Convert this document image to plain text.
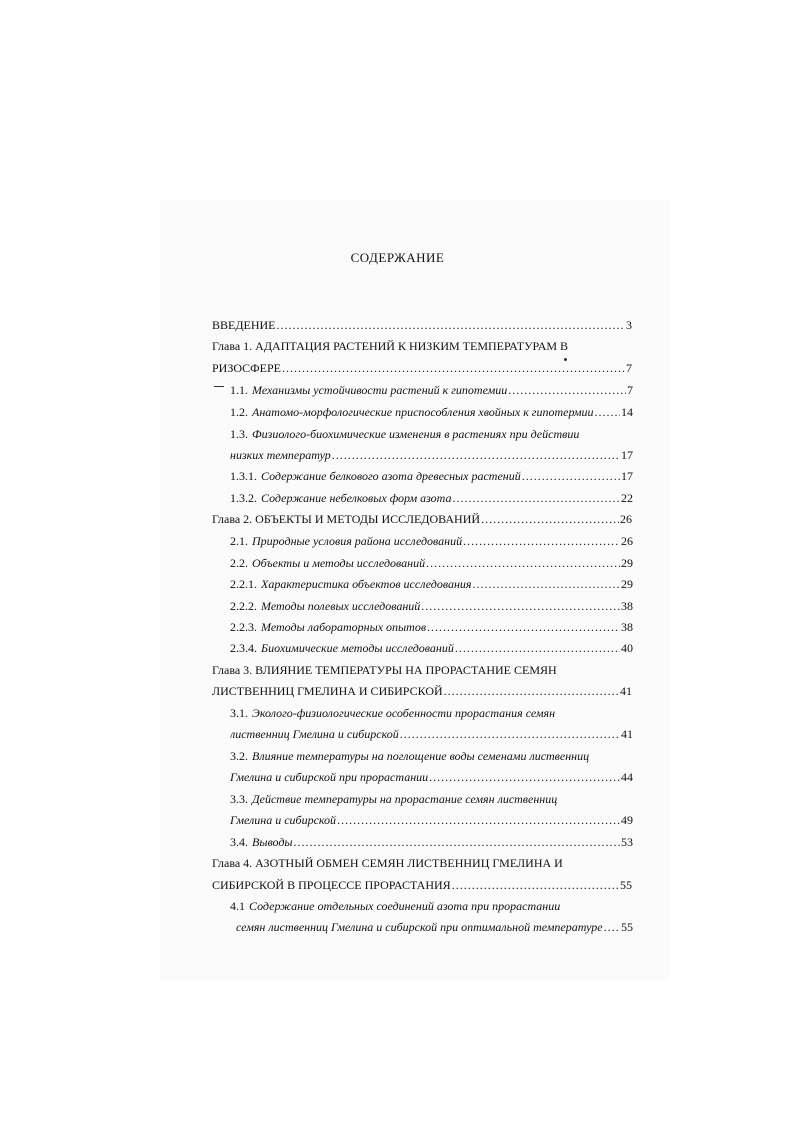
СОДЕРЖАНИЕ
ВВЕДЕНИЕ .....	3
Глава 1. АДАПТАЦИЯ РАСТЕНИЙ К НИЗКИМ ТЕМПЕРАТУРАМ В
РИЗОСФЕРЕ .....	7
1.1. Механизмы устойчивости растений к гипотемии .....	7
1.2. Анатомо-морфологические приспособления хвойных к гипотермии ..... 14
1.3. Физиолого-биохимические изменения в растениях при действии
низких температур .....	17
1.3.1. Содержание белкового азота древесных растений .....	17
1.3.2. Содержание небелковых форм азота .....	22
Глава 2. ОБЪЕКТЫ И МЕТОДЫ ИССЛЕДОВАНИЙ .....	26
2.1. Природные условия района исследований .....	26
2.2. Объекты и методы исследований .....	29
2.2.1. Характеристика объектов исследования .....	29
2.2.2. Методы полевых исследований .....	38
2.2.3. Методы лабораторных опытов .....	38
2.3.4. Биохимические методы исследований .....	40
Глава 3. ВЛИЯНИЕ ТЕМПЕРАТУРЫ НА ПРОРАСТАНИЕ СЕМЯН
ЛИСТВЕННИЦ ГМЕЛИНА И СИБИРСКОЙ .....	41
3.1. Эколого-физиологические особенности прорастания семян
лиственниц Гмелина и сибирской .....	41
3.2. Влияние температуры на поглощение воды семенами лиственниц
Гмелина и сибирской при прорастании .....	44
3.3. Действие температуры на прорастание семян лиственниц
Гмелина и сибирской .....	49
3.4. Выводы .....	53
Глава 4. АЗОТНЫЙ ОБМЕН СЕМЯН ЛИСТВЕННИЦ ГМЕЛИНА И
СИБИРСКОЙ В ПРОЦЕССЕ ПРОРАСТАНИЯ .....	55
4.1 Содержание отдельных соединений азота при прорастании
семян лиственниц Гмелина и сибирской при оптимальной температуре ..... 55
